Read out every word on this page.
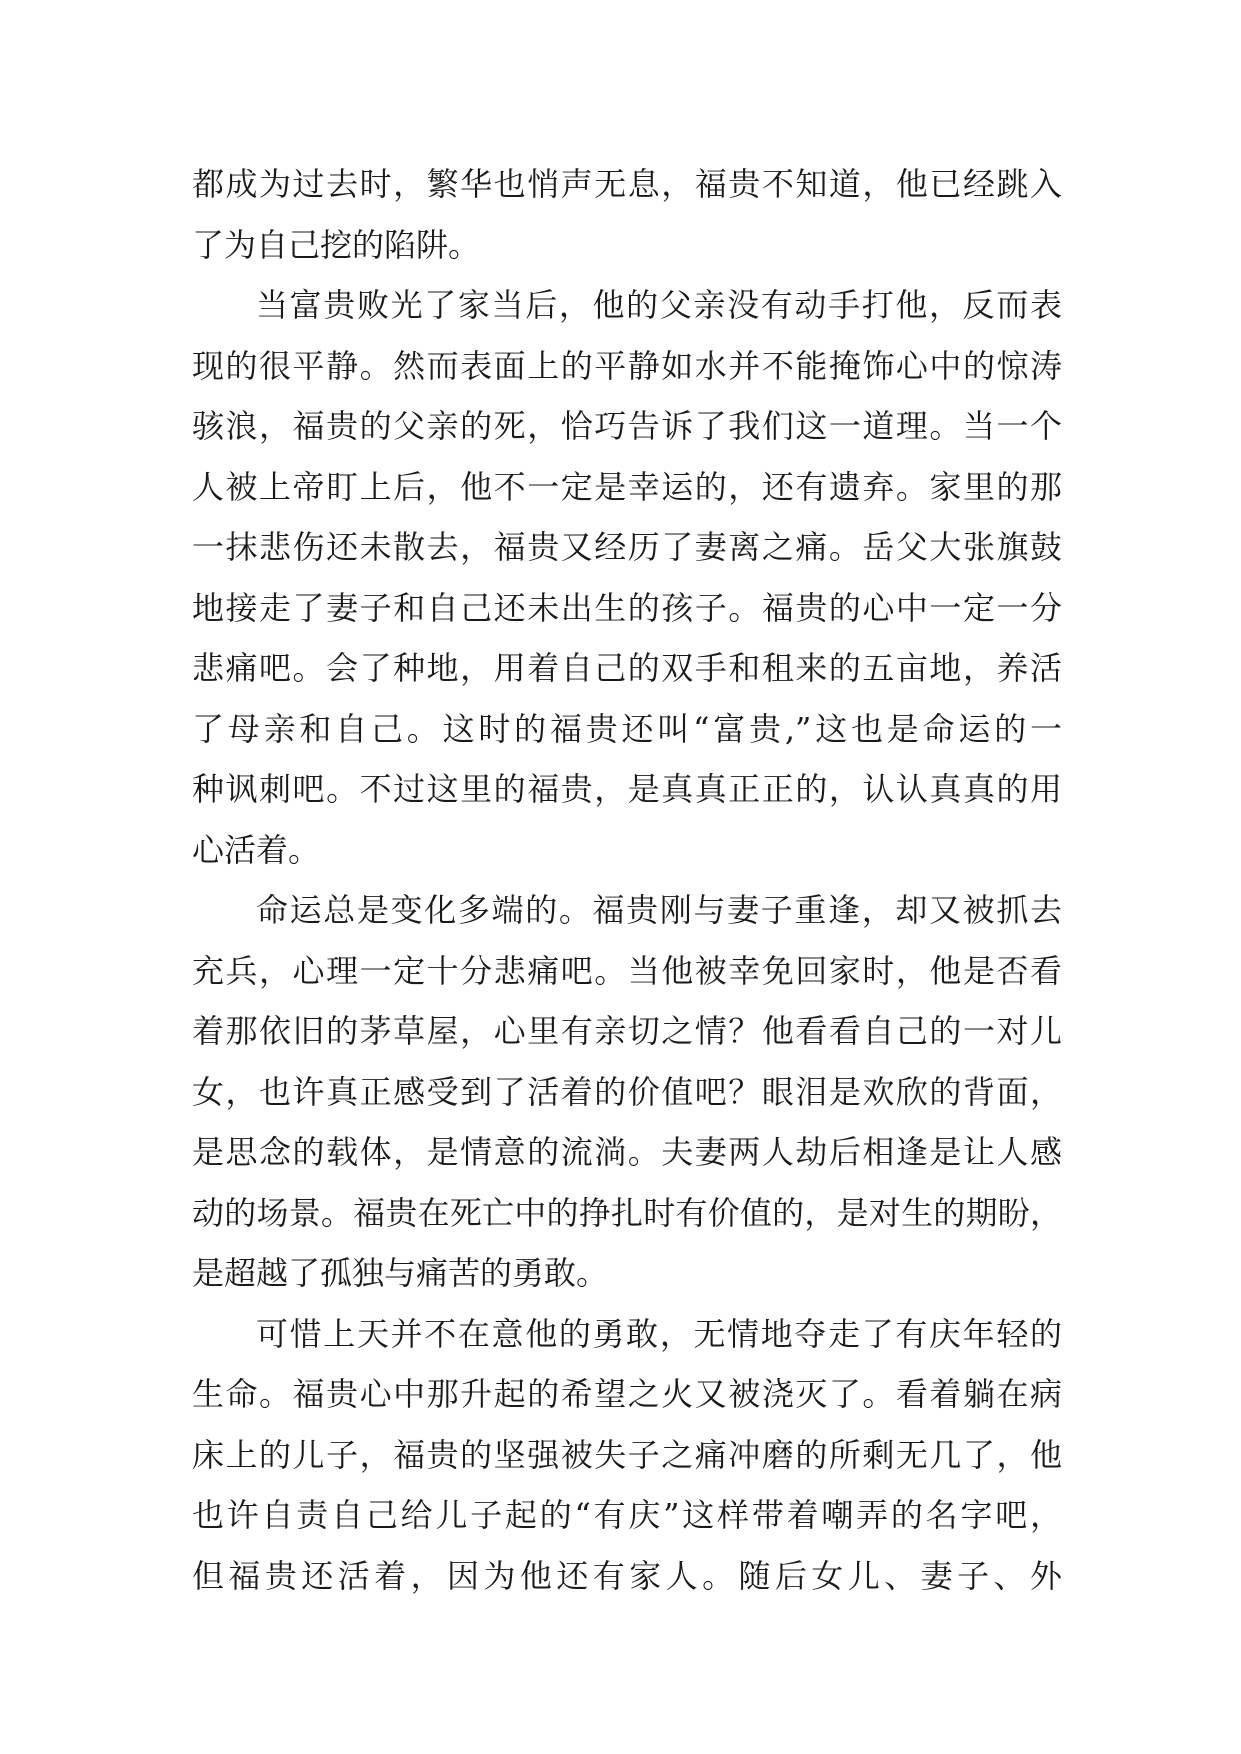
都成为过去时，繁华也悄声无息，福贵不知道，他已经跳入
了为自己挖的陷阱。
当富贵败光了家当后，他的父亲没有动手打他，反而表
现的很平静。然而表面上的平静如水并不能掩饰心中的惊涛
骇浪，福贵的父亲的死，恰巧告诉了我们这一道理。当一个
人被上帝盯上后，他不一定是幸运的，还有遗弃。家里的那
一抹悲伤还未散去，福贵又经历了妻离之痛。岳父大张旗鼓
地接走了妻子和自己还未出生的孩子。福贵的心中一定一分
悲痛吧。会了种地，用着自己的双手和租来的五亩地，养活
了母亲和自己。这时的福贵还叫“富贵,”这也是命运的一
种讽刺吧。不过这里的福贵，是真真正正的，认认真真的用
心活着。
命运总是变化多端的。福贵刚与妻子重逢，却又被抓去
充兵，心理一定十分悲痛吧。当他被幸免回家时，他是否看
着那依旧的茅草屋，心里有亲切之情？他看看自己的一对儿
女，也许真正感受到了活着的价值吧？眼泪是欢欣的背面，
是思念的载体，是情意的流淌。夫妻两人劫后相逢是让人感
动的场景。福贵在死亡中的挣扎时有价值的，是对生的期盼，
是超越了孤独与痛苦的勇敢。
可惜上天并不在意他的勇敢，无情地夺走了有庆年轻的
生命。福贵心中那升起的希望之火又被浇灭了。看着躺在病
床上的儿子，福贵的坚强被失子之痛冲磨的所剩无几了，他
也许自责自己给儿子起的“有庆”这样带着嘲弄的名字吧，
但福贵还活着，因为他还有家人。随后女儿、妻子、外
